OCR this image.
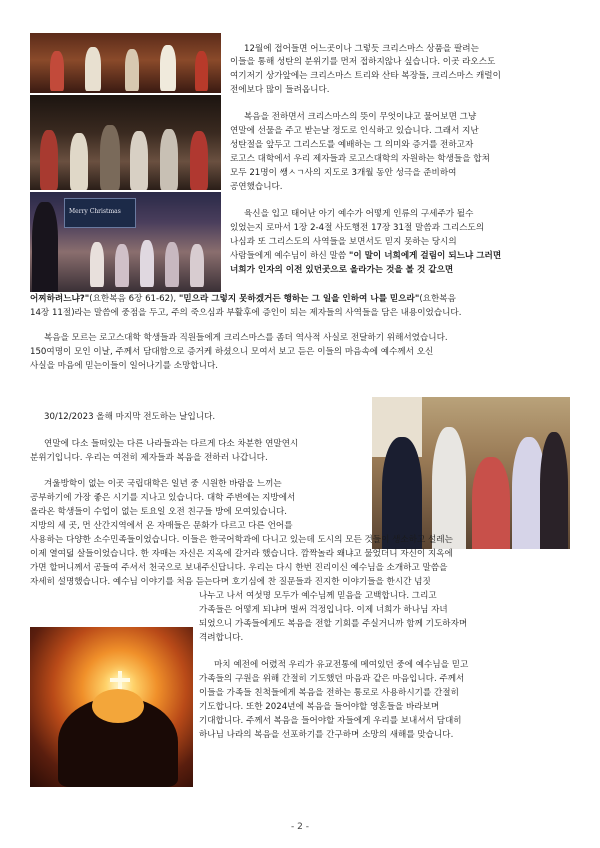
Merry Christmas

12월에 접어들면 어느곳이나 그렇듯 크리스마스 상품을 팔려는

이들을 통해 성탄의 분위기를 먼저 접하지않나 싶습니다. 이곳 라오스도

여기저기 상가앞에는 크리스마스 트리와 산타 복장들, 크리스마스 캐럴이

전에보다 많이 들려옵니다.

복음을 전하면서 크리스마스의 뜻이 무엇이냐고 물어보면 그냥

연말에 선물을 주고 받는날 정도로 인식하고 있습니다. 그래서 지난

성탄절을 앞두고 그리스도를 예배하는 그 의미와 증거를 전하고자

로고스 대학에서 우리 제자들과 로고스대학의 자원하는 학생들을 합쳐

모두 21명이 쌩ㅅㄱ사의 지도로 3개월 동안 성극을 준비하여

공연했습니다.

육신을 입고 태어난 아기 예수가 어떻게 인류의 구세주가 될수

있었는지 로마서 1장 2-4절 사도행전 17장 31절 말씀과 그리스도의

나심과 또 그리스도의 사역들을 보면서도 믿지 못하는 당시의

사람들에게 예수님이 하신 말씀 "이 말이 너희에게 걸림이 되느냐 그러면

너희가 인자의 이전 있던곳으로 올라가는 것을 볼 것 같으면

어찌하려느냐?"(요한복음 6장 61-62), "믿으라 그렇지 못하겠거든 행하는 그 일을 인하여 나를 믿으라"(요한복음

14장 11절)라는 말씀에 중점을 두고, 주의 죽으심과 부활후에 증인이 되는 제자들의 사역들을 담은 내용이었습니다.

복음을 모르는 로고스대학 학생들과 직원들에게 크리스마스를 좀더 역사적 사실로 전달하기 위해서였습니다.

150여명이 모인 이날, 주께서 담대함으로 증거케 하셨으니 모여서 보고 듣은 이들의 마음속에 예수께서 오신

사실을 마음에 믿는이들이 일어나기를 소망합니다.

30/12/2023 올해 마지막 전도하는 날입니다.

연말에 다소 들떠있는 다른 나라들과는 다르게 다소 차분한 연말연시

분위기입니다. 우리는 여전히 제자들과 복음을 전하러 나갑니다.

겨울방학이 없는 이곳 국립대학은 일년 중 시원한 바람을 느끼는

공부하기에 가장 좋은 시기를 지나고 있습니다. 대학 주변에는 지방에서

올라온 학생들이 수업이 없는 토요일 오전 친구들 방에 모여있습니다.

지방의 세 곳, 먼 산간지역에서 온 자매들은 문화가 다르고 다른 언어를

사용하는 다양한 소수민족들이었습니다. 이들은 한국어학과에 다니고 있는데 도시의 모든 것들이 생소하고 설레는

이제 열여덟 살들이었습니다. 한 자매는 자신은 지옥에 갈거라 했습니다. 깜짝놀라 왜냐고 물었더니 자신이 지옥에

가면 할머니께서 공들여 주셔서 천국으로 보내주신답니다. 우리는 다시 한번 진리이신 예수님을 소개하고 말씀을

자세히 설명했습니다. 예수님 이야기를 처음 듣는다며 호기심에 찬 질문들과 진지한 이야기들을 한시간 넘짓

나누고 나서 여섯명 모두가 예수님께 믿음을 고백합니다. 그리고

가족들은 어떻게 되냐며 벌써 걱정입니다. 이제 너희가 하나님 자녀

되었으니 가족들에게도 복음을 전할 기회를 주실거니까 함께 기도하자며

격려합니다.

마치 예전에 어렸적 우리가 유교전통에 메여있던 중에 예수님을 믿고

가족들의 구원을 위해 간절히 기도했던 마음과 같은 마음입니다. 주께서

이들을 가족들 친척들에게 복음을 전하는 통로로 사용하시기를 간절히

기도합니다. 또한 2024년에 복음을 들어야할 영혼들을 바라보며

기대합니다. 주께서 복음을 들어야할 자들에게 우리를 보내셔서 담대히

하나님 나라의 복음을 선포하기를 간구하며 소망의 새해를 맞습니다.

- 2 -
